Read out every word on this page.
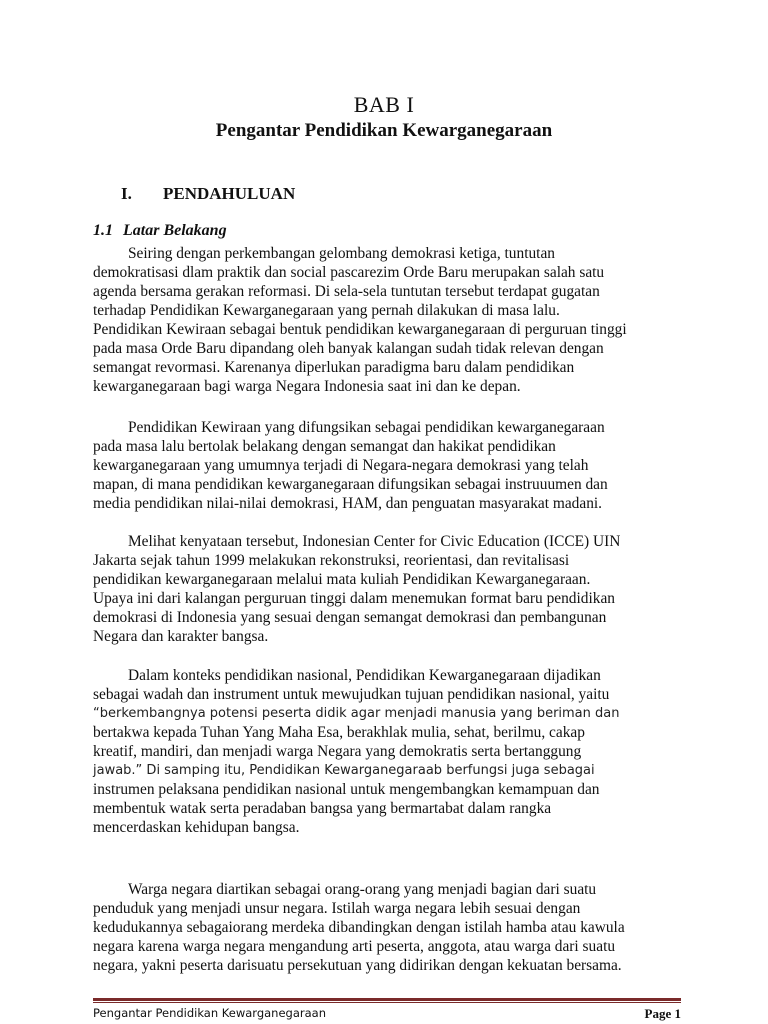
BAB I
Pengantar Pendidikan Kewarganegaraan
I. PENDAHULUAN
1.1 Latar Belakang
Seiring dengan perkembangan gelombang demokrasi ketiga, tuntutan
demokratisasi dlam praktik dan social pascarezim Orde Baru merupakan salah satu
agenda bersama gerakan reformasi. Di sela-sela tuntutan tersebut terdapat gugatan
terhadap Pendidikan Kewarganegaraan yang pernah dilakukan di masa lalu.
Pendidikan Kewiraan sebagai bentuk pendidikan kewarganegaraan di perguruan tinggi
pada masa Orde Baru dipandang oleh banyak kalangan sudah tidak relevan dengan
semangat revormasi. Karenanya diperlukan paradigma baru dalam pendidikan
kewarganegaraan bagi warga Negara Indonesia saat ini dan ke depan.
Pendidikan Kewiraan yang difungsikan sebagai pendidikan kewarganegaraan
pada masa lalu bertolak belakang dengan semangat dan hakikat pendidikan
kewarganegaraan yang umumnya terjadi di Negara-negara demokrasi yang telah
mapan, di mana pendidikan kewarganegaraan difungsikan sebagai instruuumen dan
media pendidikan nilai-nilai demokrasi, HAM, dan penguatan masyarakat madani.
Melihat kenyataan tersebut, Indonesian Center for Civic Education (ICCE) UIN
Jakarta sejak tahun 1999 melakukan rekonstruksi, reorientasi, dan revitalisasi
pendidikan kewarganegaraan melalui mata kuliah Pendidikan Kewarganegaraan.
Upaya ini dari kalangan perguruan tinggi dalam menemukan format baru pendidikan
demokrasi di Indonesia yang sesuai dengan semangat demokrasi dan pembangunan
Negara dan karakter bangsa.
Dalam konteks pendidikan nasional, Pendidikan Kewarganegaraan dijadikan
sebagai wadah dan instrument untuk mewujudkan tujuan pendidikan nasional, yaitu
“berkembangnya potensi peserta didik agar menjadi manusia yang beriman dan
bertakwa kepada Tuhan Yang Maha Esa, berakhlak mulia, sehat, berilmu, cakap
kreatif, mandiri, dan menjadi warga Negara yang demokratis serta bertanggung
jawab.” Di samping itu, Pendidikan Kewarganegaraab berfungsi juga sebagai
instrumen pelaksana pendidikan nasional untuk mengembangkan kemampuan dan
membentuk watak serta peradaban bangsa yang bermartabat dalam rangka
mencerdaskan kehidupan bangsa.
Warga negara diartikan sebagai orang-orang yang menjadi bagian dari suatu
penduduk yang menjadi unsur negara. Istilah warga negara lebih sesuai dengan
kedudukannya sebagaiorang merdeka dibandingkan dengan istilah hamba atau kawula
negara karena warga negara mengandung arti peserta, anggota, atau warga dari suatu
negara, yakni peserta darisuatu persekutuan yang didirikan dengan kekuatan bersama.
Pengantar Pendidikan Kewarganegaraan	Page 1
